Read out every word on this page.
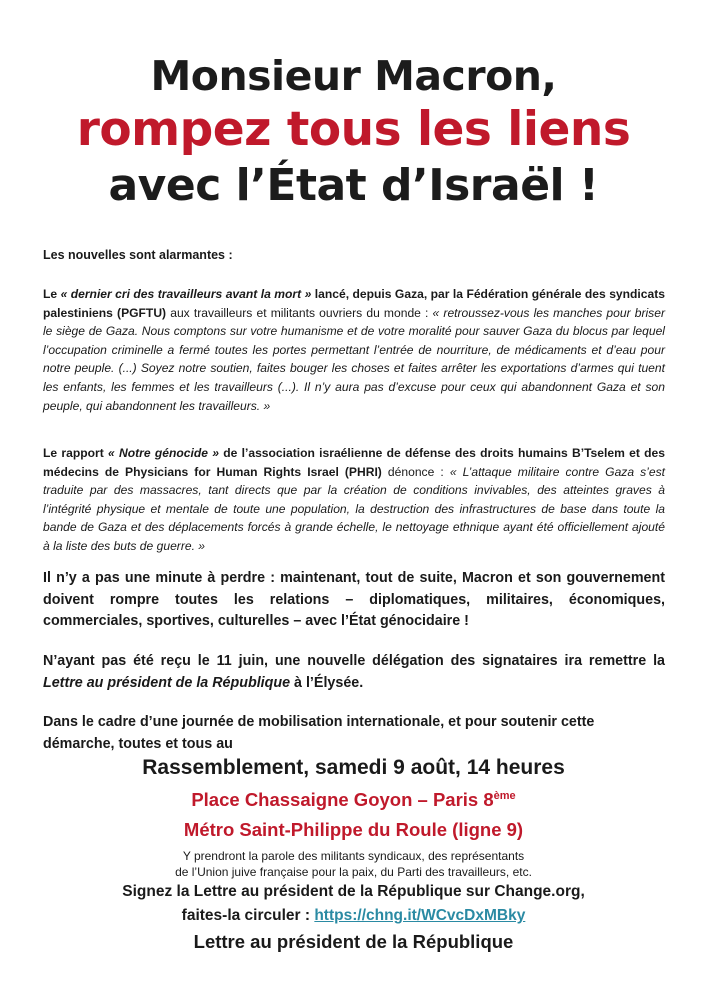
Monsieur Macron,
rompez tous les liens
avec l’État d’Israël !
Les nouvelles sont alarmantes :

Le « dernier cri des travailleurs avant la mort » lancé, depuis Gaza, par la Fédération générale des syndicats palestiniens (PGFTU) aux travailleurs et militants ouvriers du monde : « retroussez-vous les manches pour briser le siège de Gaza. Nous comptons sur votre humanisme et de votre moralité pour sauver Gaza du blocus par lequel l’occupation criminelle a fermé toutes les portes permettant l’entrée de nourriture, de médicaments et d’eau pour notre peuple. (...) Soyez notre soutien, faites bouger les choses et faites arrêter les exportations d’armes qui tuent les enfants, les femmes et les travailleurs (...). Il n’y aura pas d’excuse pour ceux qui abandonnent Gaza et son peuple, qui abandonnent les travailleurs. »

Le rapport « Notre génocide » de l’association israélienne de défense des droits humains B’Tselem et des médecins de Physicians for Human Rights Israel (PHRI) dénonce : « L’attaque militaire contre Gaza s’est traduite par des massacres, tant directs que par la création de conditions invivables, des atteintes graves à l’intégrité physique et mentale de toute une population, la destruction des infrastructures de base dans toute la bande de Gaza et des déplacements forcés à grande échelle, le nettoyage ethnique ayant été officiellement ajouté à la liste des buts de guerre. »

Il n’y a pas une minute à perdre : maintenant, tout de suite, Macron et son gouvernement doivent rompre toutes les relations – diplomatiques, militaires, économiques, commerciales, sportives, culturelles – avec l’État génocidaire !

N’ayant pas été reçu le 11 juin, une nouvelle délégation des signataires ira remettre la Lettre au président de la République à l’Élysée.

Dans le cadre d’une journée de mobilisation internationale, et pour soutenir cette démarche, toutes et tous au

Rassemblement, samedi 9 août, 14 heures
Place Chassaigne Goyon – Paris 8ème
Métro Saint-Philippe du Roule (ligne 9)
Y prendront la parole des militants syndicaux, des représentants
de l’Union juive française pour la paix, du Parti des travailleurs, etc.
Signez la Lettre au président de la République sur Change.org,
faites-la circuler : https://chng.it/WCvcDxMBky
Lettre au président de la République
